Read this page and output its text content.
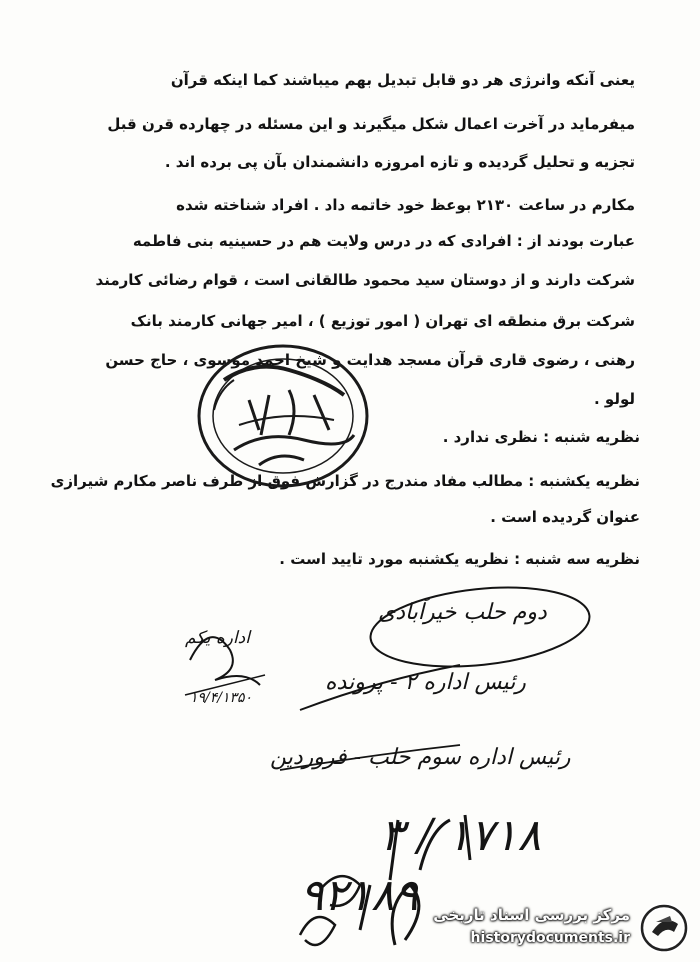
یعنی آنکه وانرژی هر دو قابل تبدیل بهم میباشند کما اینکه قرآن
میفرماید در آخرت اعمال شکل میگیرند و این مسئله در چهارده قرن قبل
تجزیه و تحلیل گردیده و تازه امروزه دانشمندان بآن پی برده اند .
مکارم در ساعت ۲۱۳۰ بوعظ خود خاتمه داد . افراد شناخته شده
عبارت بودند از : افرادی که در درس ولایت هم در حسینیه بنی فاطمه
شرکت دارند و از دوستان سید محمود طالقانی است ، قوام رضائی کارمند
شرکت برق منطقه ای تهران ( امور توزیع ) ، امیر جهانی کارمند بانک
رهنی ، رضوی قاری قرآن مسجد هدایت و شیخ احمد موسوی ، حاج حسن
لولو .
نظریه شنبه : نظری ندارد .
نظریه یکشنبه : مطالب مفاد مندرج در گزارش فوق از طرف ناصر مکارم شیرازی
عنوان گردیده است .
نظریه سه شنبه : نظریه یکشنبه مورد تایید است .
دوم حلب خیرآبادی
اداره یکم
۱۹/۴/۱۳۵۰
رئیس اداره ۲ - پرونده
رئیس اداره سوم حلب - فروردین
۱۷۱۸ / ۳
۹۲۱۸۹ مرکز بررسی اسناد تاریخی
historydocuments.ir
